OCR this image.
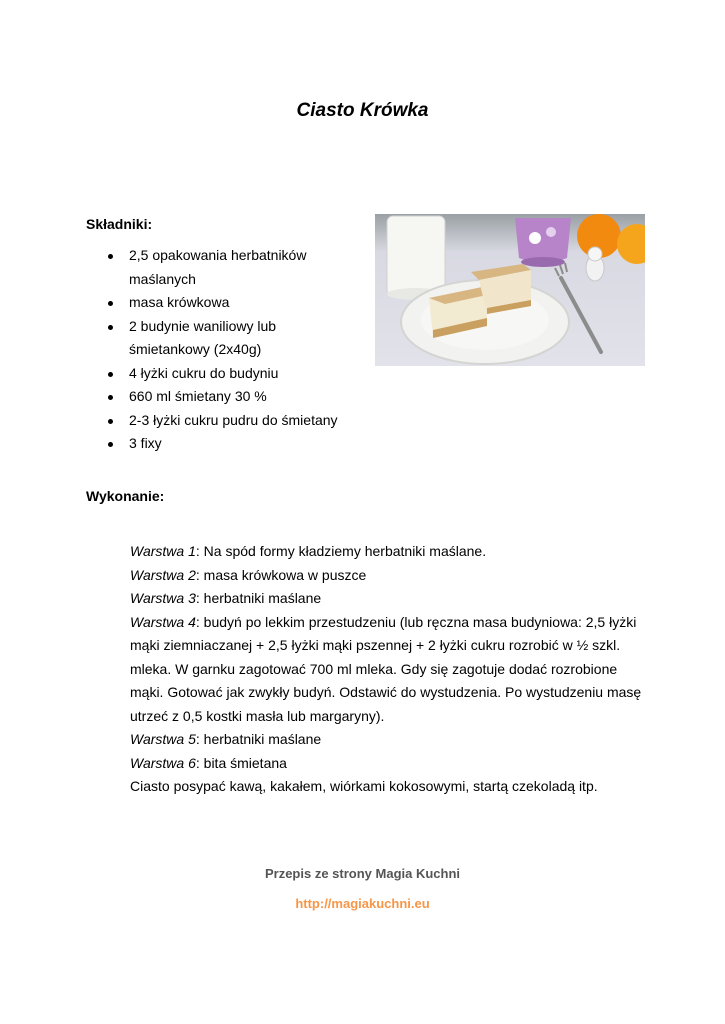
Ciasto Krówka
Składniki:
2,5 opakowania herbatników maślanych
masa krówkowa
2 budynie waniliowy lub śmietankowy (2x40g)
4 łyżki cukru do budyniu
660 ml śmietany 30 %
2-3 łyżki cukru pudru do śmietany
3 fixy
Wykonanie:

Warstwa 1: Na spód formy kładziemy herbatniki maślane.

Warstwa 2: masa krówkowa w puszce

Warstwa 3: herbatniki maślane

Warstwa 4: budyń po lekkim przestudzeniu (lub ręczna masa budyniowa: 2,5 łyżki mąki ziemniaczanej + 2,5 łyżki mąki pszennej + 2 łyżki cukru rozrobić w ½ szkl. mleka. W garnku zagotować 700 ml mleka. Gdy się zagotuje dodać rozrobione mąki. Gotować jak zwykły budyń. Odstawić do wystudzenia. Po wystudzeniu masę utrzeć z 0,5 kostki masła lub margaryny).

Warstwa 5: herbatniki maślane

Warstwa 6: bita śmietana

Ciasto posypać kawą, kakałem, wiórkami kokosowymi, startą czekoladą itp.

Przepis ze strony Magia Kuchni
http://magiakuchni.eu
